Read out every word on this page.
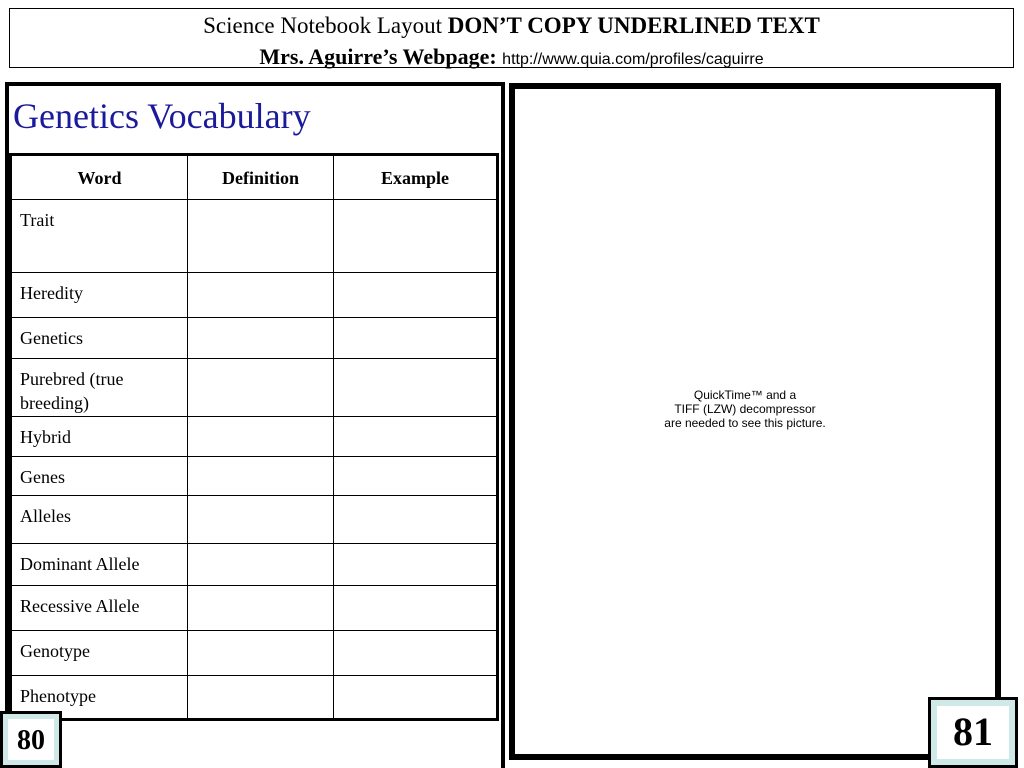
Science Notebook Layout DON’T COPY UNDERLINED TEXT
Mrs. Aguirre’s Webpage: http://www.quia.com/profiles/caguirre
Genetics Vocabulary
Word	Definition	Example
Trait		
Heredity		
Genetics		
Purebred (true breeding)		
Hybrid		
Genes		
Alleles		
Dominant Allele		
Recessive Allele		
Genotype		
Phenotype		
QuickTime™ and a
TIFF (LZW) decompressor
are needed to see this picture.
80	81
